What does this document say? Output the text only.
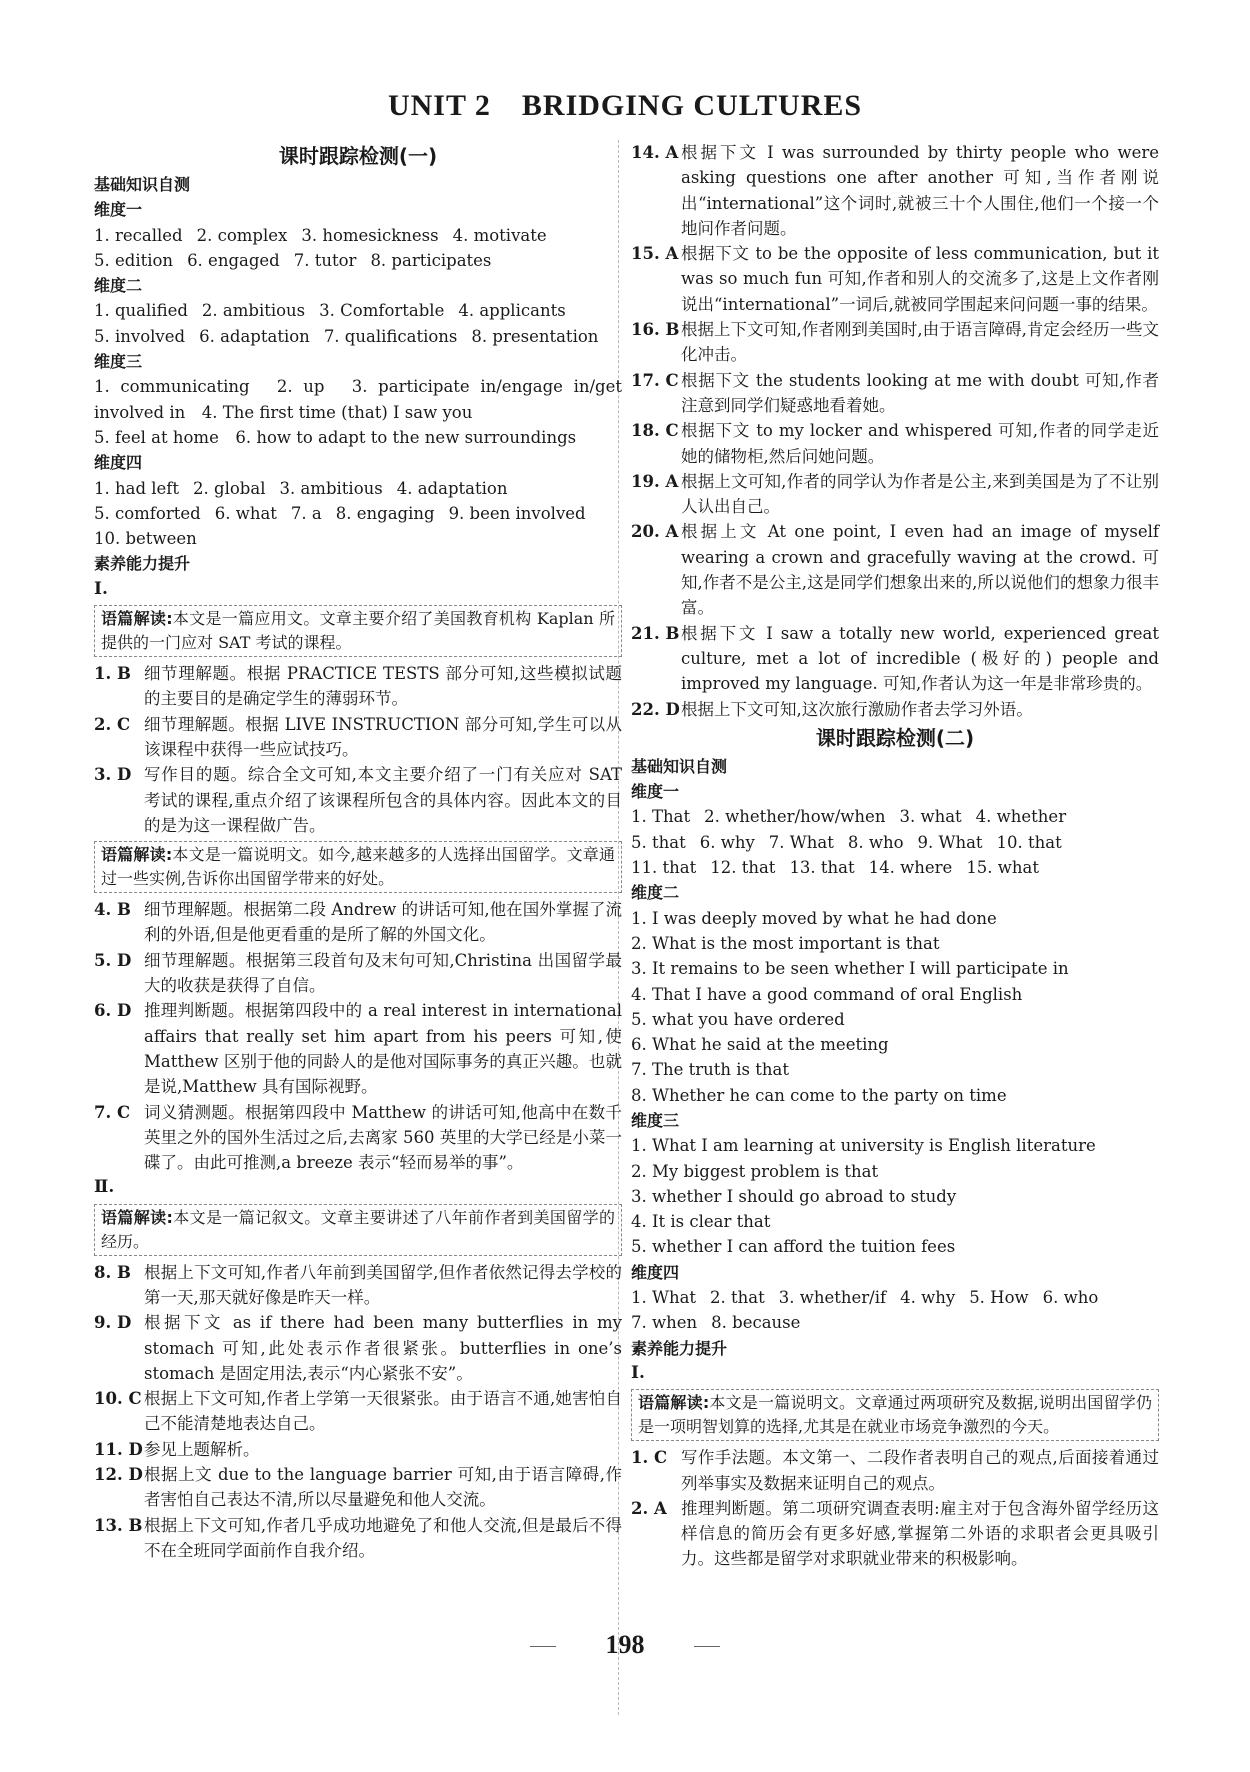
UNIT 2　BRIDGING CULTURES
课时跟踪检测(一)
基础知识自测
维度一
1. recalled 2. complex 3. homesickness 4. motivate
5. edition 6. engaged 7. tutor 8. participates
维度二
1. qualified 2. ambitious 3. Comfortable 4. applicants
5. involved 6. adaptation 7. qualifications 8. presentation
维度三
1. communicating　2. up　3. participate in/engage in/get involved in　4. The first time (that) I saw you
5. feel at home　6. how to adapt to the new surroundings
维度四
1. had left 2. global 3. ambitious 4. adaptation
5. comforted 6. what 7. a 8. engaging 9. been involved
10. between
素养能力提升
Ⅰ.
语篇解读:本文是一篇应用文。文章主要介绍了美国教育机构 Kaplan 所提供的一门应对 SAT 考试的课程。
1. B 细节理解题。根据 PRACTICE TESTS 部分可知,这些模拟试题的主要目的是确定学生的薄弱环节。
2. C 细节理解题。根据 LIVE INSTRUCTION 部分可知,学生可以从该课程中获得一些应试技巧。
3. D 写作目的题。综合全文可知,本文主要介绍了一门有关应对 SAT 考试的课程,重点介绍了该课程所包含的具体内容。因此本文的目的是为这一课程做广告。
语篇解读:本文是一篇说明文。如今,越来越多的人选择出国留学。文章通过一些实例,告诉你出国留学带来的好处。
4. B 细节理解题。根据第二段 Andrew 的讲话可知,他在国外掌握了流利的外语,但是他更看重的是所了解的外国文化。
5. D 细节理解题。根据第三段首句及末句可知,Christina 出国留学最大的收获是获得了自信。
6. D 推理判断题。根据第四段中的 a real interest in international affairs that really set him apart from his peers 可知,使 Matthew 区别于他的同龄人的是他对国际事务的真正兴趣。也就是说,Matthew 具有国际视野。
7. C 词义猜测题。根据第四段中 Matthew 的讲话可知,他高中在数千英里之外的国外生活过之后,去离家 560 英里的大学已经是小菜一碟了。由此可推测,a breeze 表示“轻而易举的事”。
Ⅱ.
语篇解读:本文是一篇记叙文。文章主要讲述了八年前作者到美国留学的经历。
8. B 根据上下文可知,作者八年前到美国留学,但作者依然记得去学校的第一天,那天就好像是昨天一样。
9. D 根据下文 as if there had been many butterflies in my stomach 可知,此处表示作者很紧张。butterflies in one’s stomach 是固定用法,表示“内心紧张不安”。
10. C 根据上下文可知,作者上学第一天很紧张。由于语言不通,她害怕自己不能清楚地表达自己。
11. D 参见上题解析。
12. D 根据上文 due to the language barrier 可知,由于语言障碍,作者害怕自己表达不清,所以尽量避免和他人交流。
13. B 根据上下文可知,作者几乎成功地避免了和他人交流,但是最后不得不在全班同学面前作自我介绍。
14. A 根据下文 I was surrounded by thirty people who were asking questions one after another 可知,当作者刚说出“international”这个词时,就被三十个人围住,他们一个接一个地问作者问题。
15. A 根据下文 to be the opposite of less communication, but it was so much fun 可知,作者和别人的交流多了,这是上文作者刚说出“international”一词后,就被同学围起来问问题一事的结果。
16. B 根据上下文可知,作者刚到美国时,由于语言障碍,肯定会经历一些文化冲击。
17. C 根据下文 the students looking at me with doubt 可知,作者注意到同学们疑惑地看着她。
18. C 根据下文 to my locker and whispered 可知,作者的同学走近她的储物柜,然后问她问题。
19. A 根据上文可知,作者的同学认为作者是公主,来到美国是为了不让别人认出自己。
20. A 根据上文 At one point, I even had an image of myself wearing a crown and gracefully waving at the crowd. 可知,作者不是公主,这是同学们想象出来的,所以说他们的想象力很丰富。
21. B 根据下文 I saw a totally new world, experienced great culture, met a lot of incredible (极好的) people and improved my language. 可知,作者认为这一年是非常珍贵的。
22. D 根据上下文可知,这次旅行激励作者去学习外语。
课时跟踪检测(二)
基础知识自测
维度一
1. That 2. whether/how/when 3. what 4. whether
5. that 6. why 7. What 8. who 9. What 10. that
11. that 12. that 13. that 14. where 15. what
维度二
1. I was deeply moved by what he had done
2. What is the most important is that
3. It remains to be seen whether I will participate in
4. That I have a good command of oral English
5. what you have ordered
6. What he said at the meeting
7. The truth is that
8. Whether he can come to the party on time
维度三
1. What I am learning at university is English literature
2. My biggest problem is that
3. whether I should go abroad to study
4. It is clear that
5. whether I can afford the tuition fees
维度四
1. What 2. that 3. whether/if 4. why 5. How 6. who
7. when 8. because
素养能力提升
Ⅰ.
语篇解读:本文是一篇说明文。文章通过两项研究及数据,说明出国留学仍是一项明智划算的选择,尤其是在就业市场竞争激烈的今天。
1. C 写作手法题。本文第一、二段作者表明自己的观点,后面接着通过列举事实及数据来证明自己的观点。
2. A 推理判断题。第二项研究调查表明:雇主对于包含海外留学经历这样信息的简历会有更多好感,掌握第二外语的求职者会更具吸引力。这些都是留学对求职就业带来的积极影响。
198
